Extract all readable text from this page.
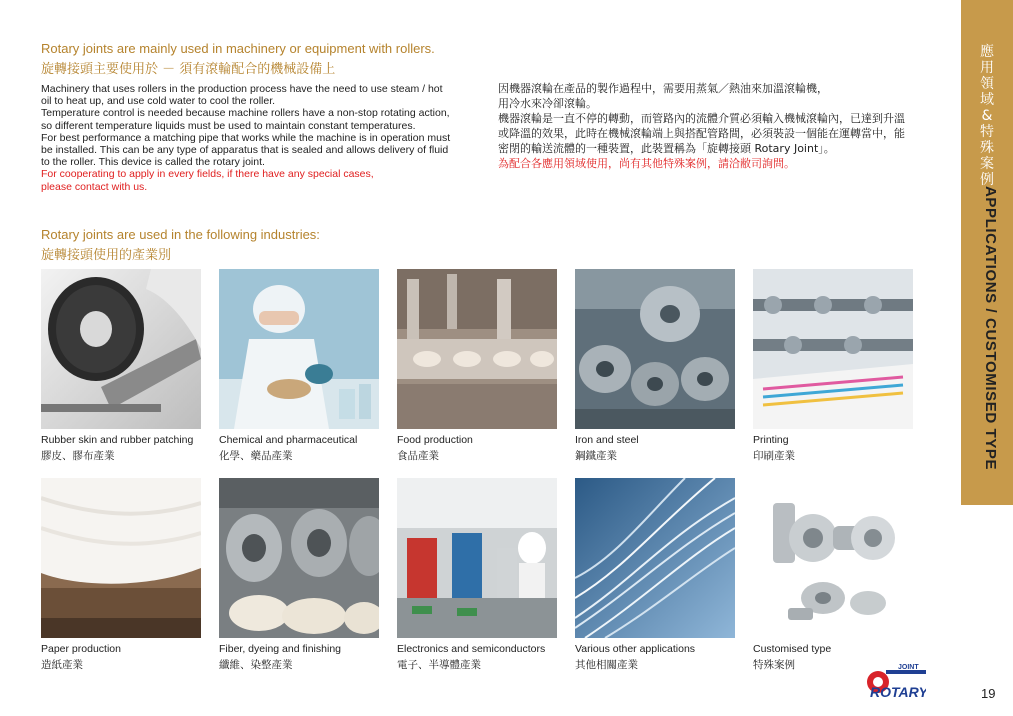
應
用
領
域
&
特
殊
案
例
APPLICATIONS / CUSTOMISED TYPE
Rotary joints are mainly used in machinery or equipment with rollers.
旋轉接頭主要使用於 － 須有滾輪配合的機械設備上

Machinery that uses rollers in the production process have the need to use steam / hot

oil to heat up, and use cold water to cool the roller.

Temperature control is needed because machine rollers have a non-stop rotating action,

so different temperature liquids must be used to maintain constant temperatures.

For best performance a matching pipe that works while the machine is in operation must

be installed. This can be any type of apparatus that is sealed and allows delivery of fluid

to the roller. This device is called the rotary joint.

For cooperating to apply in every fields, if there have any special cases,

please contact with us.

因機器滾輪在產品的製作過程中，需要用蒸氣／熱油來加溫滾輪機，

用冷水來冷卻滾輪。

機器滾輪是一直不停的轉動，而管路內的流體介質必須輸入機械滾輪內，已達到升溫

或降溫的效果，此時在機械滾輪端上與搭配管路間，必須裝設一個能在運轉當中，能

密閉的輸送流體的一種裝置，此裝置稱為「旋轉接頭 Rotary Joint」。

為配合各應用領域使用，尚有其他特殊案例，請洽敝司詢問。

Rotary joints are used in the following industries:
旋轉接頭使用的產業別
Rubber skin and rubber patching
膠皮、膠布產業
Chemical and pharmaceutical
化學、藥品產業
Food production
食品產業
Iron and steel
鋼鐵產業
Printing
印刷產業
Paper production
造紙產業
Fiber, dyeing and finishing
纖維、染整產業
Electronics and semiconductors
電子、半導體產業
Various other applications
其他相關產業
Customised type
特殊案例	JOINT
ROTARY	19
